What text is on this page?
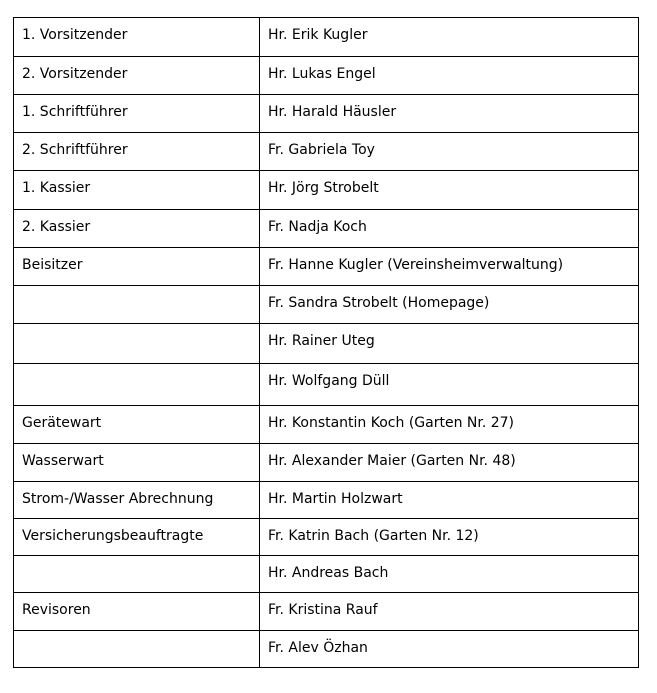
1. Vorsitzender	Hr. Erik Kugler

2. Vorsitzender	Hr. Lukas Engel

1. Schriftführer	Hr. Harald Häusler

2. Schriftführer	Fr. Gabriela Toy

1. Kassier	Hr. Jörg Strobelt

2. Kassier	Fr. Nadja Koch

Beisitzer	Fr. Hanne Kugler (Vereinsheimverwaltung)

	Fr. Sandra Strobelt (Homepage)

	Hr. Rainer Uteg

	Hr. Wolfgang Düll

Gerätewart	Hr. Konstantin Koch (Garten Nr. 27)

Wasserwart	Hr. Alexander Maier (Garten Nr. 48)

Strom-/Wasser Abrechnung	Hr. Martin Holzwart

Versicherungsbeauftragte	Fr. Katrin Bach (Garten Nr. 12)

	Hr. Andreas Bach

Revisoren	Fr. Kristina Rauf

	Fr. Alev Özhan
